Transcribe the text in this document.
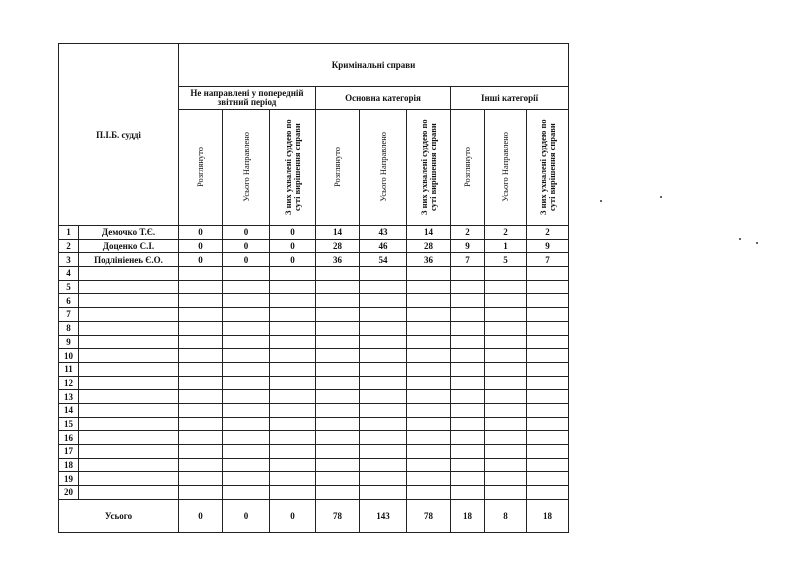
П.І.Б. судді		Кримінальні справи								
		Не направлені у попередній звітний період			Основна категорія			Інші категорії		
		Розглянуто	Усього Направлено	З них ухвалені суддею по суті вирішення справи	Розглянуто	Усього Направлено	З них ухвалені суддею по суті вирішення справи	Розглянуто	Усього Направлено	З них ухвалені суддею по суті вирішення справи
1	Демочко Т.Є.	0	0	0	14	43	14	2	2	2
2	Доценко С.І.	0	0	0	28	46	28	9	1	9
3	Подлініенеь Є.О.	0	0	0	36	54	36	7	5	7
4										
5										
6										
7										
8										
9										
10										
11										
12										
13										
14										
15										
16										
17										
18										
19										
20										
Усього		0	0	0	78	143	78	18	8	18
